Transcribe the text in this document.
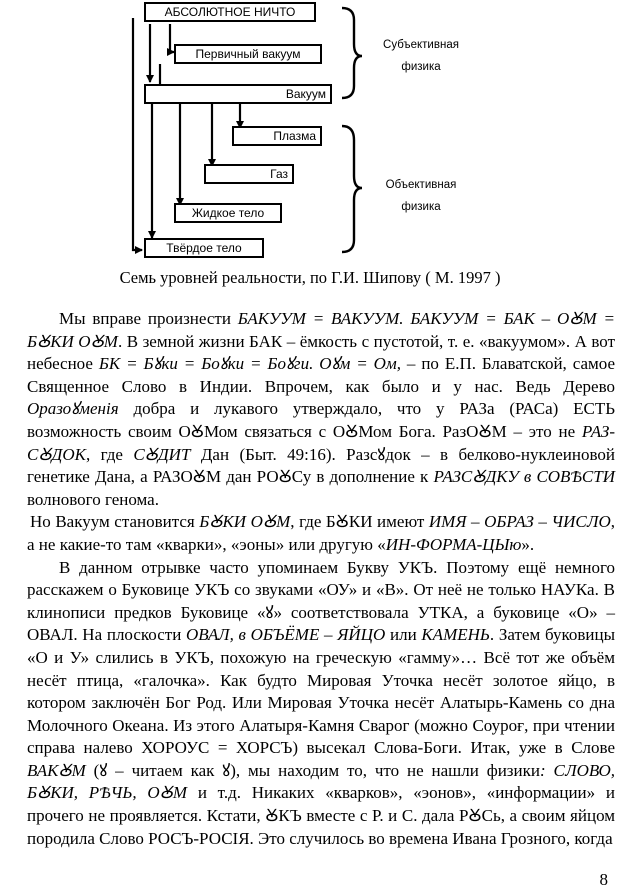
АБСОЛЮТНОЕ НИЧТО
Первичный вакуум
Вакуум
Плазма
Газ
Жидкое тело
Твёрдое тело
Субъективная
физика
Объективная
физика
Семь уровней реальности, по Г.И. Шипову ( М. 1997 )

Мы вправе произнести БАКУУМ = ВАКУУМ. БАКУУМ = БАК – ОꙊМ = БꙊКИ ОꙊМ. В земной жизни БАК – ёмкость с пустотой, т. е. «вакуумом». А вот небесное БК = Бꙋки = Боꙋки = Боꙋги. Оꙋм = Ом, – по Е.П. Блаватской, самое Священное Слово в Индии. Впрочем, как было и у нас. Ведь Дерево Оразоꙋменія добра и лукавого утверждало, что у РАЗа (РАСа) ЕСТЬ возможность своим ОꙊМом связаться с ОꙊМом Бога. РазОꙊМ – это не РАЗ-СꙊДОК, где СꙊДИТ Дан (Быт. 49:16). Разсꙋдок – в белково-нуклеиновой генетике Дана, а РАЗОꙊМ дан РОꙊСу в дополнение к РАЗСꙊДКУ в СОВѢСТИ волнового генома.

Но Вакуум становится БꙊКИ ОꙊМ, где БꙊКИ имеют ИМЯ – ОБРАЗ – ЧИСЛО, а не какие-то там «кварки», «эоны» или другую «ИН-ФОРМА-ЦЫю».

В данном отрывке часто упоминаем Букву УКЪ. Поэтому ещё немного расскажем о Буковице УКЪ со звуками «ОУ» и «В». От неё не только НАУКа. В клинописи предков Буковице «ꙋ» соответствовала УТКА, а буковице «О» – ОВАЛ. На плоскости ОВАЛ, в ОБЪЁМЕ – ЯЙЦО или КАМЕНЬ. Затем буковицы «О и У» слились в УКЪ, похожую на греческую «гамму»… Всё тот же объём несёт птица, «галочка». Как будто Мировая Уточка несёт золотое яйцо, в котором заключён Бог Род. Или Мировая Уточка несёт Алатырь-Камень со дна Молочного Океана. Из этого Алатыря-Камня Сварог (можно Соуроғ, при чтении справа налево ХОРОУС = ХОРСЪ) высекал Слова-Боги. Итак, уже в Слове ВАКꙊМ (ꙋ – читаем как ꙋ), мы находим то, что не нашли физики: СЛОВО, БꙊКИ, РѢЧЬ, ОꙊМ и т.д. Никаких «кварков», «эонов», «информации» и прочего не проявляется. Кстати, ꙊКЪ вместе с Р. и С. дала РꙊСь, а своим яйцом породила Слово РОСЪ-РОСІЯ. Это случилось во времена Ивана Грозного, когда

8
